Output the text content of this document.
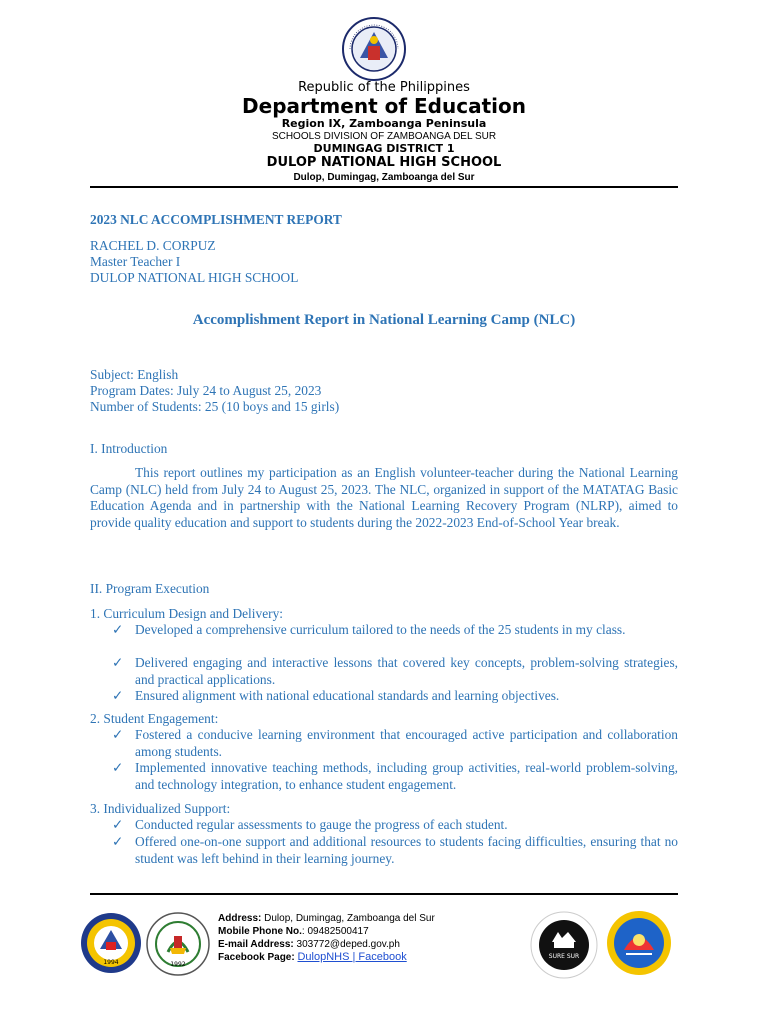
Republic of the Philippines
Department of Education
Region IX, Zamboanga Peninsula
SCHOOLS DIVISION OF ZAMBOANGA DEL SUR
DUMINGAG DISTRICT 1
DULOP NATIONAL HIGH SCHOOL
Dulop, Dumingag, Zamboanga del Sur
2023 NLC ACCOMPLISHMENT REPORT
RACHEL D. CORPUZ
Master Teacher I
DULOP NATIONAL HIGH SCHOOL
Accomplishment Report in National Learning Camp (NLC)
Subject: English
Program Dates: July 24 to August 25, 2023
Number of Students: 25 (10 boys and 15 girls)
I. Introduction
This report outlines my participation as an English volunteer-teacher during the National Learning Camp (NLC) held from July 24 to August 25, 2023. The NLC, organized in support of the MATATAG Basic Education Agenda and in partnership with the National Learning Recovery Program (NLRP), aimed to provide quality education and support to students during the 2022-2023 End-of-School Year break.
II. Program Execution
1. Curriculum Design and Delivery:
✓ Developed a comprehensive curriculum tailored to the needs of the 25 students in my class.
✓ Delivered engaging and interactive lessons that covered key concepts, problem-solving strategies, and practical applications.
✓ Ensured alignment with national educational standards and learning objectives.
2. Student Engagement:
✓ Fostered a conducive learning environment that encouraged active participation and collaboration among students.
✓ Implemented innovative teaching methods, including group activities, real-world problem-solving, and technology integration, to enhance student engagement.
3. Individualized Support:
✓ Conducted regular assessments to gauge the progress of each student.
✓ Offered one-on-one support and additional resources to students facing difficulties, ensuring that no student was left behind in their learning journey.
1994	1992
Address: Dulop, Dumingag, Zamboanga del Sur
Mobile Phone No.: 09482500417
E-mail Address: 303772@deped.gov.ph
Facebook Page: DulopNHS | Facebook	SURE SUR
